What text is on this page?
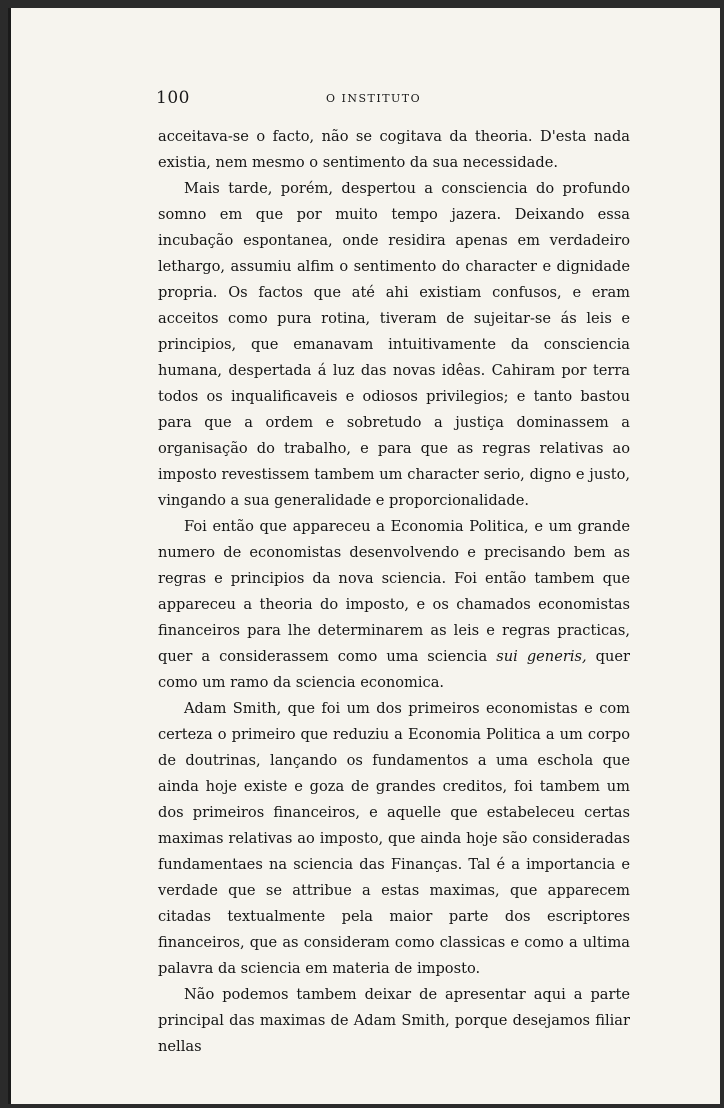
100	O INSTITUTO

acceitava-se o facto, não se cogitava da theoria. D'esta nada existia, nem mesmo o sentimento da sua necessidade.

Mais tarde, porém, despertou a consciencia do profundo somno em que por muito tempo jazera. Deixando essa incubação espontanea, onde residira apenas em verdadeiro lethargo, assumiu alfim o sentimento do character e dignidade propria. Os factos que até ahi existiam confusos, e eram acceitos como pura rotina, tiveram de sujeitar-se ás leis e principios, que emanavam intuitivamente da consciencia humana, despertada á luz das novas idêas. Cahiram por terra todos os inqualificaveis e odiosos privilegios; e tanto bastou para que a ordem e sobretudo a justiça dominassem a organisação do trabalho, e para que as regras relativas ao imposto revestissem tambem um character serio, digno e justo, vingando a sua generalidade e proporcionalidade.

Foi então que appareceu a Economia Politica, e um grande numero de economistas desenvolvendo e precisando bem as regras e principios da nova sciencia. Foi então tambem que appareceu a theoria do imposto, e os chamados economistas financeiros para lhe determinarem as leis e regras practicas, quer a considerassem como uma sciencia sui generis, quer como um ramo da sciencia economica.

Adam Smith, que foi um dos primeiros economistas e com certeza o primeiro que reduziu a Economia Politica a um corpo de doutrinas, lançando os fundamentos a uma eschola que ainda hoje existe e goza de grandes creditos, foi tambem um dos primeiros financeiros, e aquelle que estabeleceu certas maximas relativas ao imposto, que ainda hoje são consideradas fundamentaes na sciencia das Finanças. Tal é a importancia e verdade que se attribue a estas maximas, que apparecem citadas textualmente pela maior parte dos escriptores financeiros, que as consideram como classicas e como a ultima palavra da sciencia em materia de imposto.

Não podemos tambem deixar de apresentar aqui a parte principal das maximas de Adam Smith, porque desejamos filiar nellas
